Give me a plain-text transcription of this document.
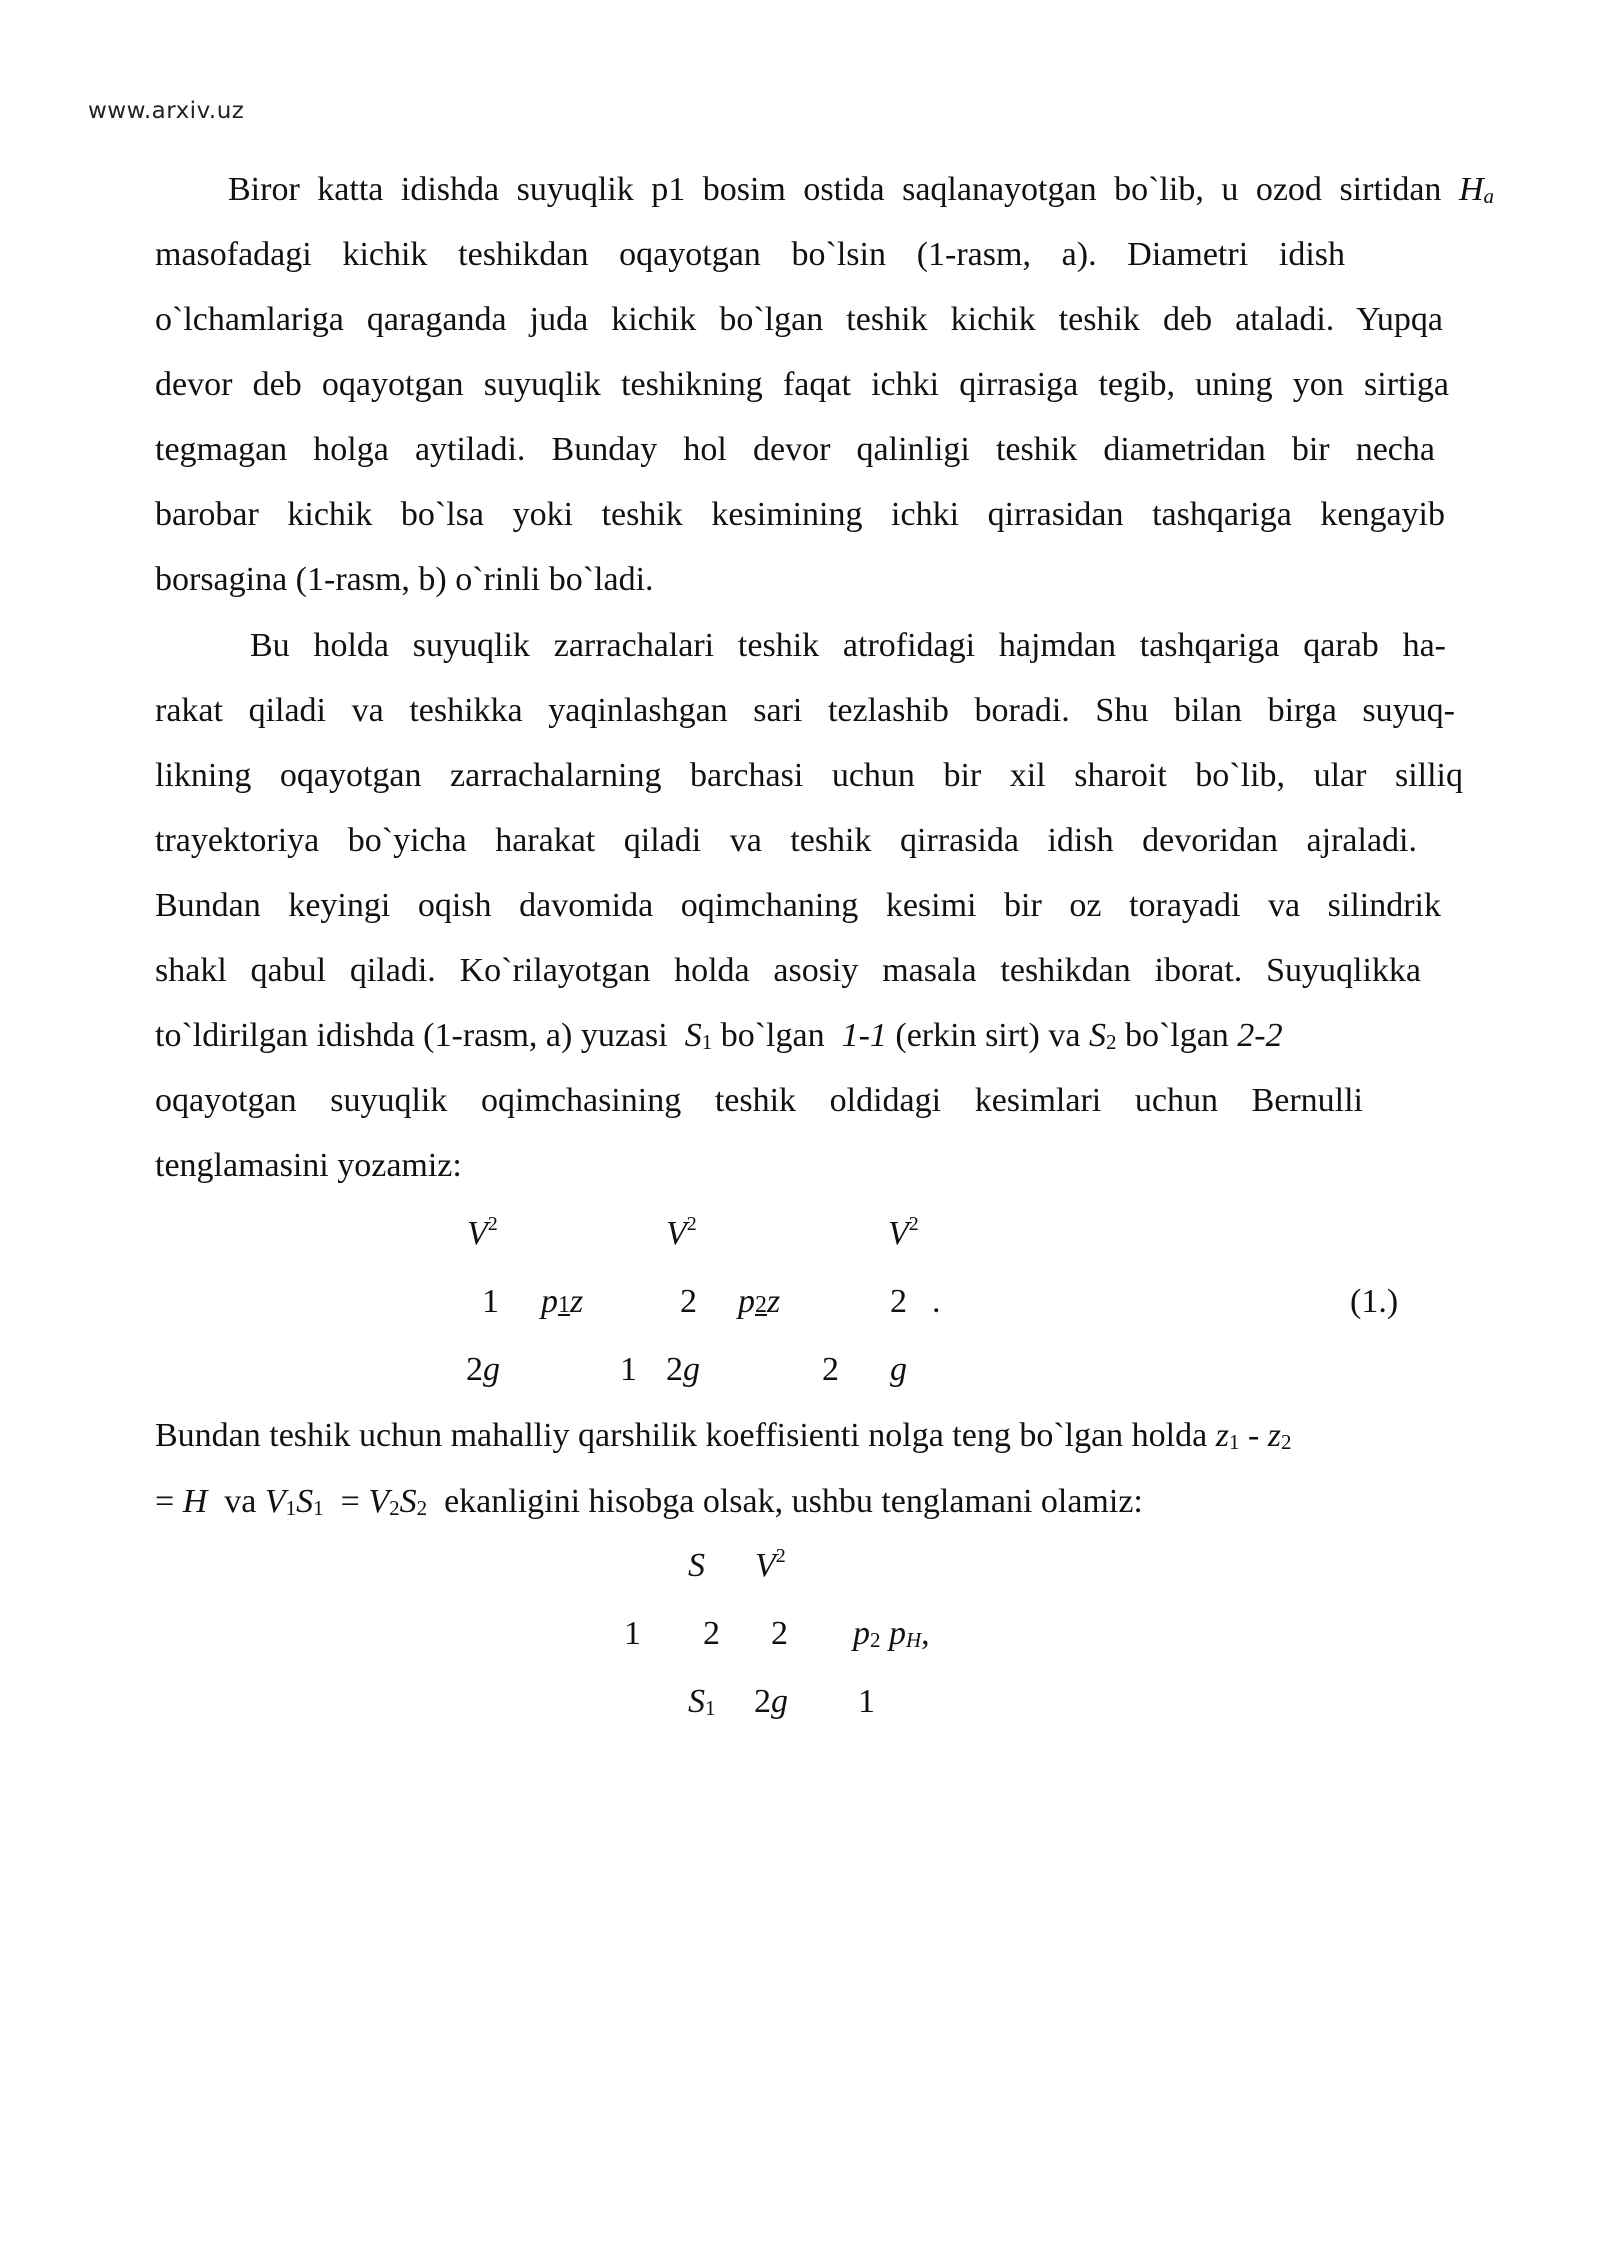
www.arxiv.uz
Biror katta idishda suyuqlik p1 bosim ostida saqlanayotgan bo`lib, u ozod sirtidan $H_a$
masofadagi kichik teshikdan oqayotgan bo`lsin (1-rasm, a). Diametri idish
o`lchamlariga qaraganda juda kichik bo`lgan teshik kichik teshik deb ataladi. Yupqa
devor deb oqayotgan suyuqlik teshikning faqat ichki qirrasiga tegib, uning yon sirtiga
tegmagan holga aytiladi. Bunday hol devor qalinligi teshik diametridan bir necha
barobar kichik bo`lsa yoki teshik kesimining ichki qirrasidan tashqariga kengayib
borsagina (1-rasm, b) o`rinli bo`ladi.
Bu holda suyuqlik zarrachalari teshik atrofidagi hajmdan tashqariga qarab ha-
rakat qiladi va teshikka yaqinlashgan sari tezlashib boradi. Shu bilan birga suyuq-
likning oqayotgan zarrachalarning barchasi uchun bir xil sharoit bo`lib, ular silliq
trayektoriya bo`yicha harakat qiladi va teshik qirrasida idish devoridan ajraladi.
Bundan keyingi oqish davomida oqimchaning kesimi bir oz torayadi va silindrik
shakl qabul qiladi. Ko`rilayotgan holda asosiy masala teshikdan iborat. Suyuqlikka
to`ldirilgan idishda (1-rasm, a) yuzasi $S_1$ bo`lgan 1-1 (erkin sirt) va $S_2$ bo`lgan 2-2
oqayotgan suyuqlik oqimchasining teshik oldidagi kesimlari uchun Bernulli
tenglamasini yozamiz:
$V^2$	$V^2$	$V^2$
1 p1z	2 p2z	2 .	(1.)
2g	1 2g	2 g
Bundan teshik uchun mahalliy qarshilik koeffisienti nolga teng bo`lgan holda $z_1 - z_2$
= H va $V_1S_1 = V_2S_2$ ekanligini hisobga olsak, ushbu tenglamani olamiz:
S $V^2$
1 2 2 $p_2$ $p_H$,
$S_1$ 2g 1
